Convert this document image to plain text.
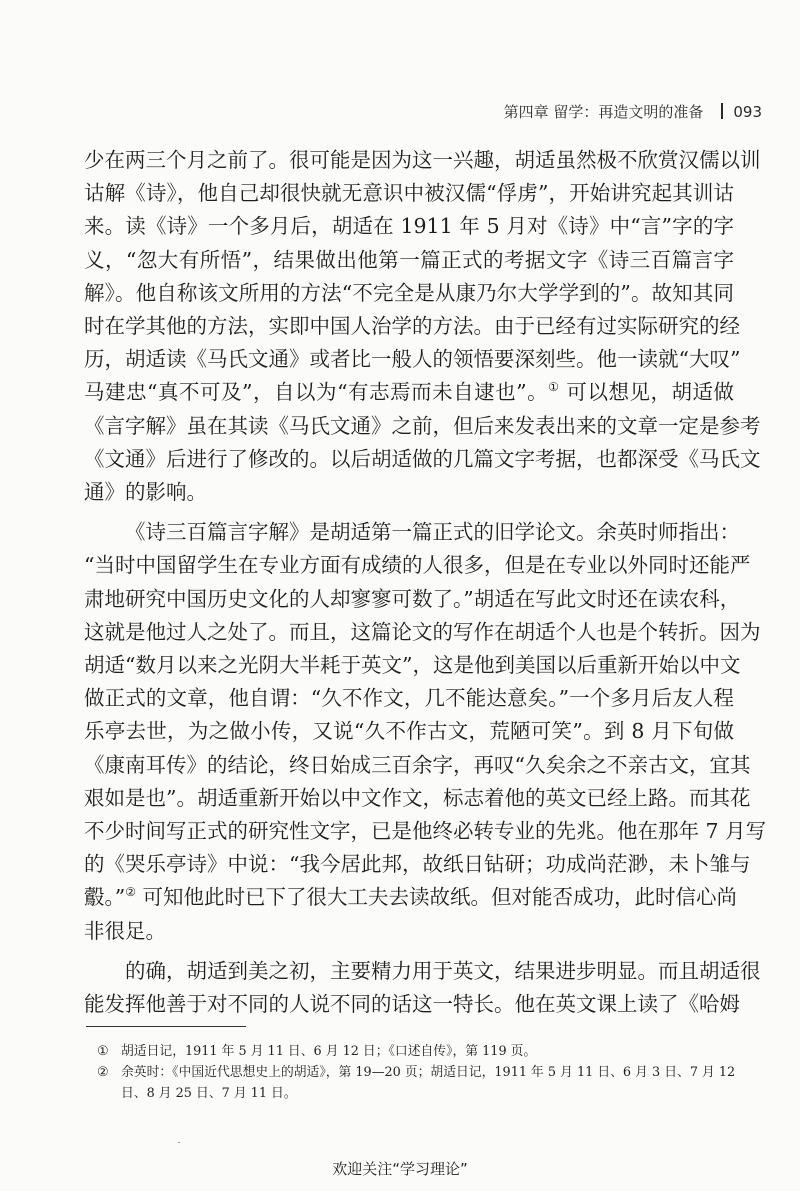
第四章 留学：再造文明的准备 093
少在两三个月之前了。很可能是因为这一兴趣，胡适虽然极不欣赏汉儒以训
诂解《诗》，他自己却很快就无意识中被汉儒“俘虏”，开始讲究起其训诂
来。读《诗》一个多月后，胡适在 1911 年 5 月对《诗》中“言”字的字
义，“忽大有所悟”，结果做出他第一篇正式的考据文字《诗三百篇言字
解》。他自称该文所用的方法“不完全是从康乃尔大学学到的”。故知其同
时在学其他的方法，实即中国人治学的方法。由于已经有过实际研究的经
历，胡适读《马氏文通》或者比一般人的领悟要深刻些。他一读就“大叹”
马建忠“真不可及”，自以为“有志焉而未自逮也”。① 可以想见，胡适做
《言字解》虽在其读《马氏文通》之前，但后来发表出来的文章一定是参考
《文通》后进行了修改的。以后胡适做的几篇文字考据，也都深受《马氏文
通》的影响。
《诗三百篇言字解》是胡适第一篇正式的旧学论文。余英时师指出：
“当时中国留学生在专业方面有成绩的人很多，但是在专业以外同时还能严
肃地研究中国历史文化的人却寥寥可数了。”胡适在写此文时还在读农科，
这就是他过人之处了。而且，这篇论文的写作在胡适个人也是个转折。因为
胡适“数月以来之光阴大半耗于英文”，这是他到美国以后重新开始以中文
做正式的文章，他自谓：“久不作文，几不能达意矣。”一个多月后友人程
乐亭去世，为之做小传，又说“久不作古文，荒陋可笑”。到 8 月下旬做
《康南耳传》的结论，终日始成三百余字，再叹“久矣余之不亲古文，宜其
艰如是也”。胡适重新开始以中文作文，标志着他的英文已经上路。而其花
不少时间写正式的研究性文字，已是他终必转专业的先兆。他在那年 7 月写
的《哭乐亭诗》中说：“我今居此邦，故纸日钻研；功成尚茫渺，未卜雏与
鷇。”② 可知他此时已下了很大工夫去读故纸。但对能否成功，此时信心尚
非很足。
的确，胡适到美之初，主要精力用于英文，结果进步明显。而且胡适很
能发挥他善于对不同的人说不同的话这一特长。他在英文课上读了《哈姆
① 胡适日记，1911 年 5 月 11 日、6 月 12 日；《口述自传》，第 119 页。
② 余英时：《中国近代思想史上的胡适》，第 19—20 页；胡适日记，1911 年 5 月 11 日、6 月 3 日、7 月 12 日、8 月 25 日、7 月 11 日。
欢迎关注“学习理论”
